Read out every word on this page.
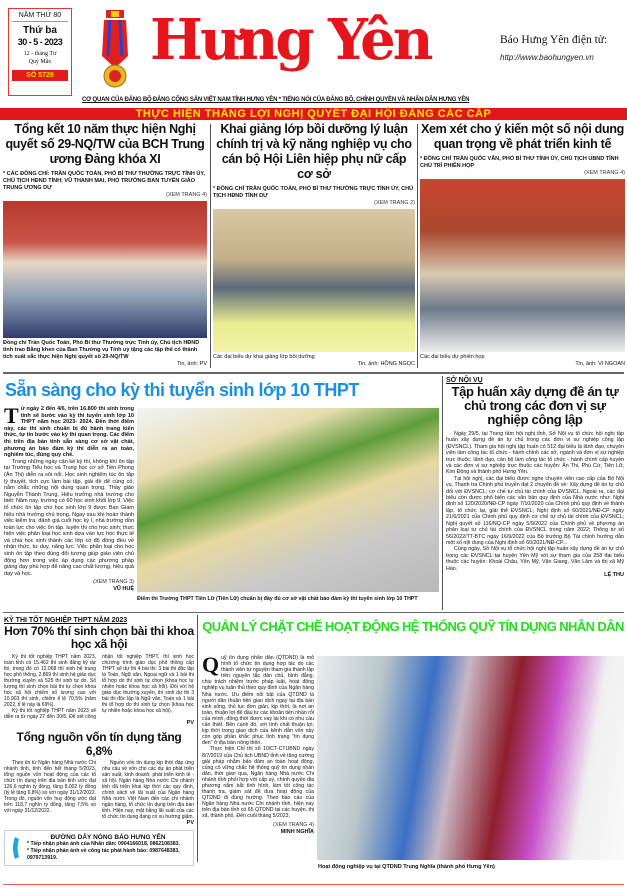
NĂM THỨ 80
Thứ ba
30 - 5 - 2023
12 - tháng Tư
Quý Mão
SỐ 5729
Hưng Yên	Báo Hưng Yên điện tử:
http://www.baohungyen.vn
CƠ QUAN CỦA ĐẢNG BỘ ĐẢNG CỘNG SẢN VIỆT NAM TỈNH HƯNG YÊN * TIẾNG NÓI CỦA ĐẢNG BỘ, CHÍNH QUYỀN VÀ NHÂN DÂN HƯNG YÊN
THỰC HIỆN THẮNG LỢI NGHỊ QUYẾT ĐẠI HỘI ĐẢNG CÁC CẤP
Tổng kết 10 năm thực hiện Nghị quyết số 29-NQ/TW của BCH Trung ương Đảng khóa XI
* CÁC ĐỒNG CHÍ: TRẦN QUỐC TOẢN, PHÓ BÍ THƯ THƯỜNG TRỰC TỈNH ỦY, CHỦ TỊCH HĐND TỈNH; VŨ THANH MAI, PHÓ TRƯỞNG BAN TUYÊN GIÁO TRUNG ƯƠNG DỰ
(XEM TRANG 4)
Đồng chí Trần Quốc Toản, Phó Bí thư Thường trực Tỉnh ủy, Chủ tịch HĐND tỉnh trao Bằng khen của Ban Thường vụ Tỉnh uỷ tặng các tập thể có thành tích xuất sắc thực hiện Nghị quyết số 29-NQ/TW
Tin, ảnh: PV
Khai giảng lớp bồi dưỡng lý luận chính trị và kỹ năng nghiệp vụ cho cán bộ Hội Liên hiệp phụ nữ cấp cơ sở
* ĐỒNG CHÍ TRẦN QUỐC TOẢN, PHÓ BÍ THƯ THƯỜNG TRỰC TỈNH ỦY, CHỦ TỊCH HĐND TỈNH DỰ
(XEM TRANG 2)
Các đại biểu dự khai giảng lớp bồi dưỡng
Tin, ảnh: HỒNG NGỌC
Xem xét cho ý kiến một số nội dung quan trọng về phát triển kinh tế
* ĐỒNG CHÍ TRẦN QUỐC VĂN, PHÓ BÍ THƯ TỈNH ỦY, CHỦ TỊCH UBND TỈNH CHỦ TRÌ PHIÊN HỌP
(XEM TRANG 4)
Các đại biểu dự phiên họp
Tin, ảnh: VI NGOAN
Sẵn sàng cho kỳ thi tuyển sinh lớp 10 THPT
T ừ ngày 2 đến 4/6, trên 16.800 thí sinh trong tỉnh sẽ bước vào kỳ thi tuyển sinh lớp 10 THPT năm học 2023- 2024. Đến thời điểm này, các thí sinh chuẩn bị đủ hành trang kiến thức, tự tin bước vào kỳ thi quan trọng. Các điểm thi trên địa bàn tỉnh sẵn sàng cơ sở vật chất, phương án bảo đảm kỳ thi diễn ra an toàn, nghiêm túc, đúng quy chế.

Trong những ngày cận kề kỳ thi, không khí ôn tập tại Trường Tiểu học và Trung học cơ sở Tiền Phong (Ân Thi) diễn ra sôi nổi. Học sinh nghiêm túc ôn tập lý thuyết, tích cực làm bài tập, giải đề để củng cố, nắm chắc những nội dung quan trọng. Thầy giáo Nguyễn Thành Trung, Hiệu trưởng nhà trường cho biết: Năm nay, trường có 60 học sinh khối lớp 9. Việc tổ chức ôn tập cho học sinh lớp 9 được Ban Giám hiệu nhà trường chú trọng. Ngay sau khi hoàn thành việc kiểm tra, đánh giá cuối học kỳ I, nhà trường dồn toàn lực cho việc ôn tập, luyện thi cho học sinh; thực hiện việc phân loại học sinh dựa vào lực học thực tế và chia học sinh thành các lớp có độ đồng đều về nhận thức, tư duy, năng lực. Việc phân loại cho học sinh ôn tập theo đúng đối tượng giúp giáo viên chủ động hơn trong việc áp dụng các phương pháp giảng dạy phù hợp để nâng cao chất lượng, hiệu quả dạy và học.

(XEM TRANG 3)
VŨ HUỆ
Điểm thi Trường THPT Tiên Lữ (Tiên Lữ) chuẩn bị đầy đủ cơ sở vật chất bảo đảm kỳ thi tuyển sinh lớp 10 THPT
SỞ NỘI VỤ
Tập huấn xây dựng đề án tự chủ trong các đơn vị sự nghiệp công lập

Ngày 29/5, tại Trung tâm hội nghị tỉnh, Sở Nội vụ tổ chức hội nghị tập huấn xây dựng đề án tự chủ trong các đơn vị sự nghiệp công lập (ĐVSNCL). Tham gia hội nghị tập huấn có 512 đại biểu là lãnh đạo, chuyên viên làm công tác tổ chức - hành chính các sở, ngành và đơn vị sự nghiệp trực thuộc; lãnh đạo, cán bộ làm công tác tổ chức - hành chính cấp huyện và các đơn vị sự nghiệp trực thuộc các huyện: Ân Thi, Phù Cừ, Tiên Lữ, Kim Động và thành phố Hưng Yên.

Tại hội nghị, các đại biểu được nghe chuyên viên cao cấp của Bộ Nội vụ, Thanh tra Chính phủ truyền đạt 2 chuyên đề về: Xây dựng đề án tự chủ đối với ĐVSNCL; cơ chế tự chủ tài chính của ĐVSNCL. Ngoài ra, các đại biểu còn được phổ biến các văn bản quy định của Nhà nước như: Nghị định số 120/2020/NĐ-CP ngày 7/10/2020 của Chính phủ quy định về thành lập, tổ chức lại, giải thể ĐVSNCL; Nghị định số 60/2021/NĐ-CP ngày 21/6/2021 của Chính phủ quy định cơ chế tự chủ tài chính của ĐVSNCL; Nghị quyết số 116/NQ-CP ngày 5/9/2022 của Chính phủ về phương án phân loại tự chủ tài chính của ĐVSNCL trong năm 2022; Thông tư số 56/2022/TT-BTC ngày 16/9/2022 của Bộ trưởng Bộ Tài chính hướng dẫn một số nội dung của Nghị định số 60/2021/NĐ-CP...

Cùng ngày, Sở Nội vụ tổ chức hội nghị tập huấn xây dựng đề án tự chủ trong các ĐVSNCL tại huyện Yên Mỹ với sự tham gia của 258 đại biểu thuộc các huyện: Khoái Châu, Yên Mỹ, Văn Giang, Văn Lâm và thị xã Mỹ Hào.

LỆ THU
KỲ THI TỐT NGHIỆP THPT NĂM 2023
Hơn 70% thí sinh chọn bài thi khoa học xã hội

Kỳ thi tốt nghiệp THPT năm 2023, toàn tỉnh có 15.462 thí sinh đăng ký dự thi, trong đó có 12.068 thí sinh hệ trung học phổ thông, 2.869 thí sinh hệ giáo dục thường xuyên và 525 thí sinh tự do. Số lượng thí sinh chọn bài thi tự chọn khoa học xã hội chiếm số lượng cao với 10.903 thí sinh, chiếm tỉ lệ 70,5% (năm 2022, tỉ lệ này là 69%).

Kỳ thi tốt nghiệp THPT năm 2023 sẽ diễn ra từ ngày 27 đến 30/6. Để xét công nhận tốt nghiệp THPT, thí sinh học chương trình giáo dục phổ thông cấp THPT sẽ dự thi 4 bài thi: 3 bài thi độc lập là Toán, Ngữ văn, Ngoại ngữ và 1 bài thi tổ hợp do thí sinh tự chọn (khoa học tự nhiên hoặc khoa học xã hội). Đối với hệ giáo dục thường xuyên, thí sinh dự thi 3 bài thi độc lập là Ngữ văn, Toán và 1 bài thi tổ hợp do thí sinh tự chọn (khoa học tự nhiên hoặc khoa học xã hội).

PV
Tổng nguồn vốn tín dụng tăng 6,8%

Theo tin từ Ngân hàng Nhà nước Chi nhánh tỉnh, tính đến hết tháng 5/2023, tổng nguồn vốn hoạt động của các tổ chức tín dụng trên địa bàn tỉnh ước đạt 126,6 nghìn tỷ đồng, tăng 8.002 tỷ đồng (tỷ lệ tăng 6,8%) so với ngày 31/12/2022. Trong đó, nguồn vốn huy động ước đạt trên 118,7 nghìn tỷ đồng, tăng 7,5% so với ngày 31/12/2022.

Nguồn vốn tín dụng kịp thời đáp ứng nhu cầu về vốn cho các dự án phát triển sản xuất, kinh doanh, phát triển kinh tế - xã hội. Ngân hàng Nhà nước Chi nhánh tỉnh đã triển khai kịp thời các quy định, chính sách về lãi suất của Ngân hàng Nhà nước Việt Nam đến các chi nhánh ngân hàng, tổ chức tín dụng trên địa bàn tỉnh. Hiện nay, mặt bằng lãi suất của các tổ chức tín dụng đang có xu hướng giảm.

PV
ĐƯỜNG DÂY NÓNG BÁO HƯNG YÊN
* Tiếp nhận phản ánh của Nhân dân: 0904166018, 0862108383.
* Tiếp nhận phản ánh về công tác phát hành báo: 0987648383, 0979713919.
QUẢN LÝ CHẶT CHẼ HOẠT ĐỘNG HỆ THỐNG QUỸ TÍN DỤNG NHÂN DÂN
Q uỹ tín dụng nhân dân (QTDND) là mô hình tổ chức tín dụng hợp tác do các thành viên tự nguyện tham gia thành lập trên nguyên tắc dân chủ, bình đẳng, chịu trách nhiệm trước pháp luật, hoạt động nghiệp vụ tuân thủ theo quy định của Ngân hàng Nhà nước. Ưu điểm nổi bật của QTDND là người dân thuận tiện giao dịch ngay tại địa bàn sinh sống, thủ tục đơn giản, kịp thời, là nơi an toàn, thuận lợi để đầu tư các khoản tiền nhàn rỗi của mình, đồng thời được vay lại khi có nhu cầu cần thiết. Bên cạnh đó, với tính chất thuận lợi, kịp thời trong giao dịch của kênh dẫn vốn này còn góp phần khắc phục tình trạng "tín dụng đen" ở địa bàn nông thôn.

Thực hiện Chỉ thị số 10/CT-CTUBND ngày 8/7/2019 của Chủ tịch UBND tỉnh về tăng cường giải pháp nhằm bảo đảm an toàn hoạt động, củng cố vững chắc hệ thống quỹ tín dụng nhân dân, thời gian qua, Ngân hàng Nhà nước Chi nhánh tỉnh phối hợp với cấp uỷ, chính quyền địa phương nắm bắt tình hình, làm tốt công tác thanh tra, giám sát để đưa hoạt động của QTDND đi đúng hướng. Theo báo cáo của Ngân hàng Nhà nước Chi nhánh tỉnh, hiện nay trên địa bàn tỉnh có 65 QTDND tại các huyện, thị xã, thành phố. Đến cuối tháng 5/2023,

(XEM TRANG 4)
MINH NGHĨA
Hoạt động nghiệp vụ tại QTDND Trung Nghĩa (thành phố Hưng Yên)
